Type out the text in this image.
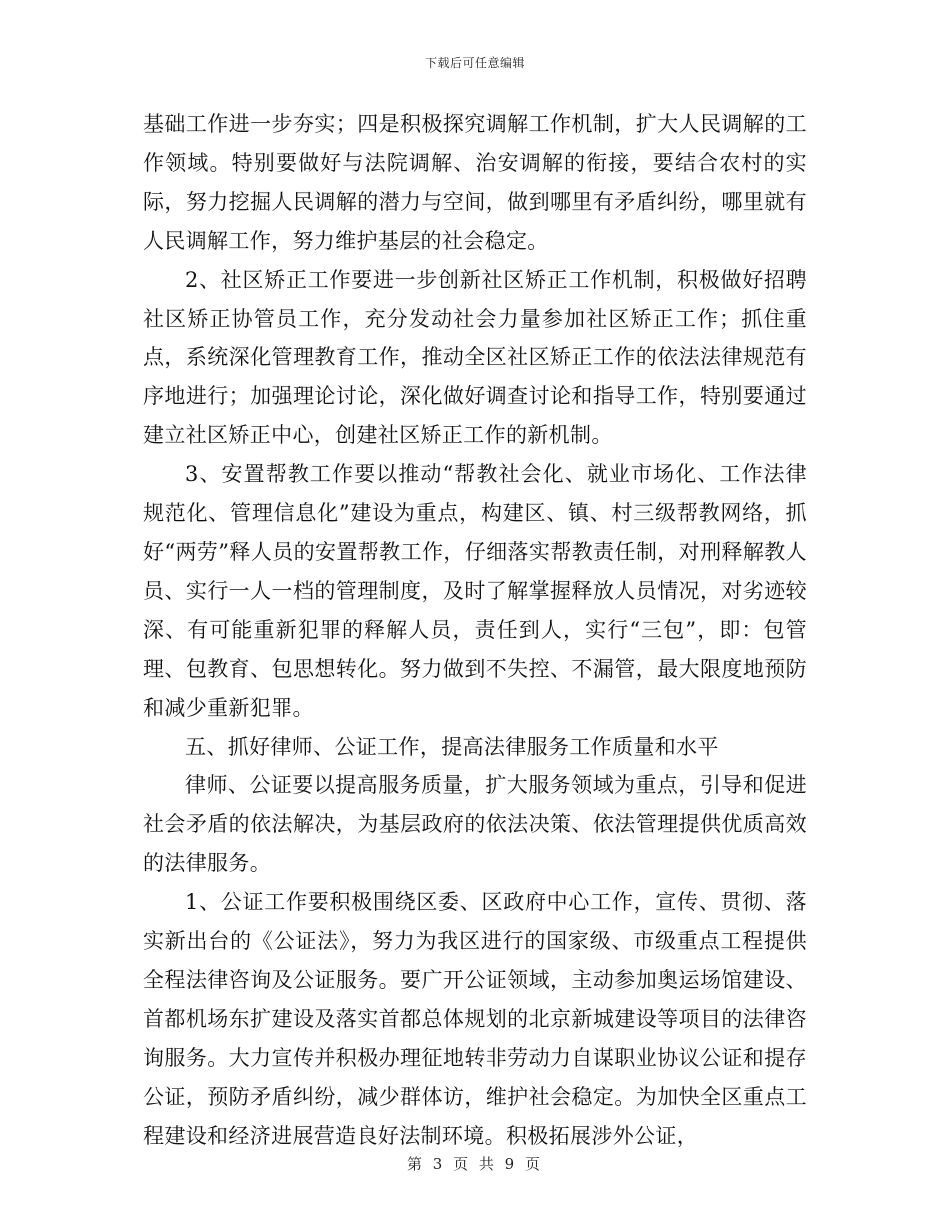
下载后可任意编辑

基础工作进一步夯实；四是积极探究调解工作机制，扩大人民调解的工作领域。特别要做好与法院调解、治安调解的衔接，要结合农村的实际，努力挖掘人民调解的潜力与空间，做到哪里有矛盾纠纷，哪里就有人民调解工作，努力维护基层的社会稳定。

2、社区矫正工作要进一步创新社区矫正工作机制，积极做好招聘社区矫正协管员工作，充分发动社会力量参加社区矫正工作；抓住重点，系统深化管理教育工作，推动全区社区矫正工作的依法法律规范有序地进行；加强理论讨论，深化做好调查讨论和指导工作，特别要通过建立社区矫正中心，创建社区矫正工作的新机制。

3、安置帮教工作要以推动“帮教社会化、就业市场化、工作法律规范化、管理信息化”建设为重点，构建区、镇、村三级帮教网络，抓好“两劳”释人员的安置帮教工作，仔细落实帮教责任制，对刑释解教人员、实行一人一档的管理制度，及时了解掌握释放人员情况，对劣迹较深、有可能重新犯罪的释解人员，责任到人，实行“三包”，即：包管理、包教育、包思想转化。努力做到不失控、不漏管，最大限度地预防和减少重新犯罪。

五、抓好律师、公证工作，提高法律服务工作质量和水平

律师、公证要以提高服务质量，扩大服务领域为重点，引导和促进社会矛盾的依法解决，为基层政府的依法决策、依法管理提供优质高效的法律服务。

1、公证工作要积极围绕区委、区政府中心工作，宣传、贯彻、落实新出台的《公证法》，努力为我区进行的国家级、市级重点工程提供全程法律咨询及公证服务。要广开公证领域，主动参加奥运场馆建设、首都机场东扩建设及落实首都总体规划的北京新城建设等项目的法律咨询服务。大力宣传并积极办理征地转非劳动力自谋职业协议公证和提存公证，预防矛盾纠纷，减少群体访，维护社会稳定。为加快全区重点工程建设和经济进展营造良好法制环境。积极拓展涉外公证，

第 3 页 共 9 页
